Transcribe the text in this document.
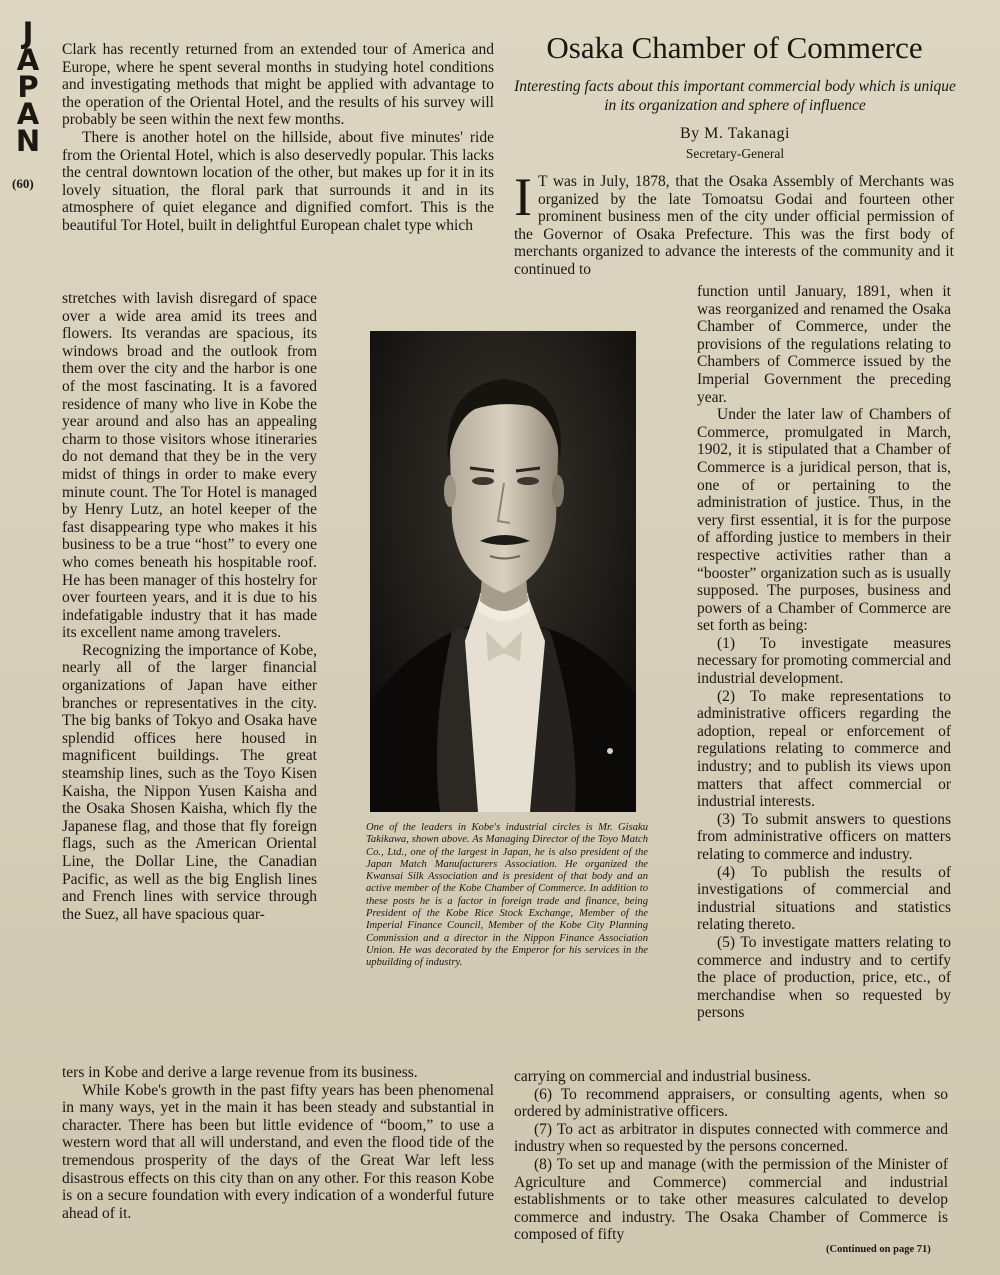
J
A
P
A
N
(60)

Clark has recently returned from an extended tour of America and Europe, where he spent several months in studying hotel conditions and investigating methods that might be applied with advantage to the operation of the Oriental Hotel, and the results of his survey will probably be seen within the next few months.

There is another hotel on the hillside, about five minutes' ride from the Oriental Hotel, which is also deservedly popular. This lacks the central downtown location of the other, but makes up for it in its lovely situation, the floral park that surrounds it and in its atmosphere of quiet elegance and dignified comfort. This is the beautiful Tor Hotel, built in delightful European chalet type which

stretches with lavish disregard of space over a wide area amid its trees and flowers. Its verandas are spacious, its windows broad and the outlook from them over the city and the harbor is one of the most fascinating. It is a favored residence of many who live in Kobe the year around and also has an appealing charm to those visitors whose itineraries do not demand that they be in the very midst of things in order to make every minute count. The Tor Hotel is managed by Henry Lutz, an hotel keeper of the fast disappearing type who makes it his business to be a true “host” to every one who comes beneath his hospitable roof. He has been manager of this hostelry for over fourteen years, and it is due to his indefatigable industry that it has made its excellent name among travelers.

Recognizing the importance of Kobe, nearly all of the larger financial organizations of Japan have either branches or representatives in the city. The big banks of Tokyo and Osaka have splendid offices here housed in magnificent buildings. The great steamship lines, such as the Toyo Kisen Kaisha, the Nippon Yusen Kaisha and the Osaka Shosen Kaisha, which fly the Japanese flag, and those that fly foreign flags, such as the American Oriental Line, the Dollar Line, the Canadian Pacific, as well as the big English lines and French lines with service through the Suez, all have spacious quar-

ters in Kobe and derive a large revenue from its business.

While Kobe's growth in the past fifty years has been phenomenal in many ways, yet in the main it has been steady and substantial in character. There has been but little evidence of “boom,” to use a western word that all will understand, and even the flood tide of the tremendous prosperity of the days of the Great War left less disastrous effects on this city than on any other. For this reason Kobe is on a secure foundation with every indication of a wonderful future ahead of it.

Osaka Chamber of Commerce
Interesting facts about this important commercial body which is unique in its organization and sphere of influence
By M. Takanagi
Secretary-General

I T was in July, 1878, that the Osaka Assembly of Merchants was organized by the late Tomoatsu Godai and fourteen other prominent business men of the city under official permission of the Governor of Osaka Prefecture. This was the first body of merchants organized to advance the interests of the community and it continued to

function until January, 1891, when it was reorganized and renamed the Osaka Chamber of Commerce, under the provisions of the regulations relating to Chambers of Commerce issued by the Imperial Government the preceding year.

Under the later law of Chambers of Commerce, promulgated in March, 1902, it is stipulated that a Chamber of Commerce is a juridical person, that is, one of or pertaining to the administration of justice. Thus, in the very first essential, it is for the purpose of affording justice to members in their respective activities rather than a “booster” organization such as is usually supposed. The purposes, business and powers of a Chamber of Commerce are set forth as being:

(1) To investigate measures necessary for promoting commercial and industrial development.

(2) To make representations to administrative officers regarding the adoption, repeal or enforcement of regulations relating to commerce and industry; and to publish its views upon matters that affect commercial or industrial interests.

(3) To submit answers to questions from administrative officers on matters relating to commerce and industry.

(4) To publish the results of investigations of commercial and industrial situations and statistics relating thereto.

(5) To investigate matters relating to commerce and industry and to certify the place of production, price, etc., of merchandise when so requested by persons

carrying on commercial and industrial business.

(6) To recommend appraisers, or consulting agents, when so ordered by administrative officers.

(7) To act as arbitrator in disputes connected with commerce and industry when so requested by the persons concerned.

(8) To set up and manage (with the permission of the Minister of Agriculture and Commerce) commercial and industrial establishments or to take other measures calculated to develop commerce and industry. The Osaka Chamber of Commerce is composed of fifty

(Continued on page 71)
One of the leaders in Kobe's industrial circles is Mr. Gisaku Takikawa, shown above. As Managing Director of the Toyo Match Co., Ltd., one of the largest in Japan, he is also president of the Japan Match Manufacturers Association. He organized the Kwansai Silk Association and is president of that body and an active member of the Kobe Chamber of Commerce. In addition to these posts he is a factor in foreign trade and finance, being President of the Kobe Rice Stock Exchange, Member of the Imperial Finance Council, Member of the Kobe City Planning Commission and a director in the Nippon Finance Association Union. He was decorated by the Emperor for his services in the upbuilding of industry.
